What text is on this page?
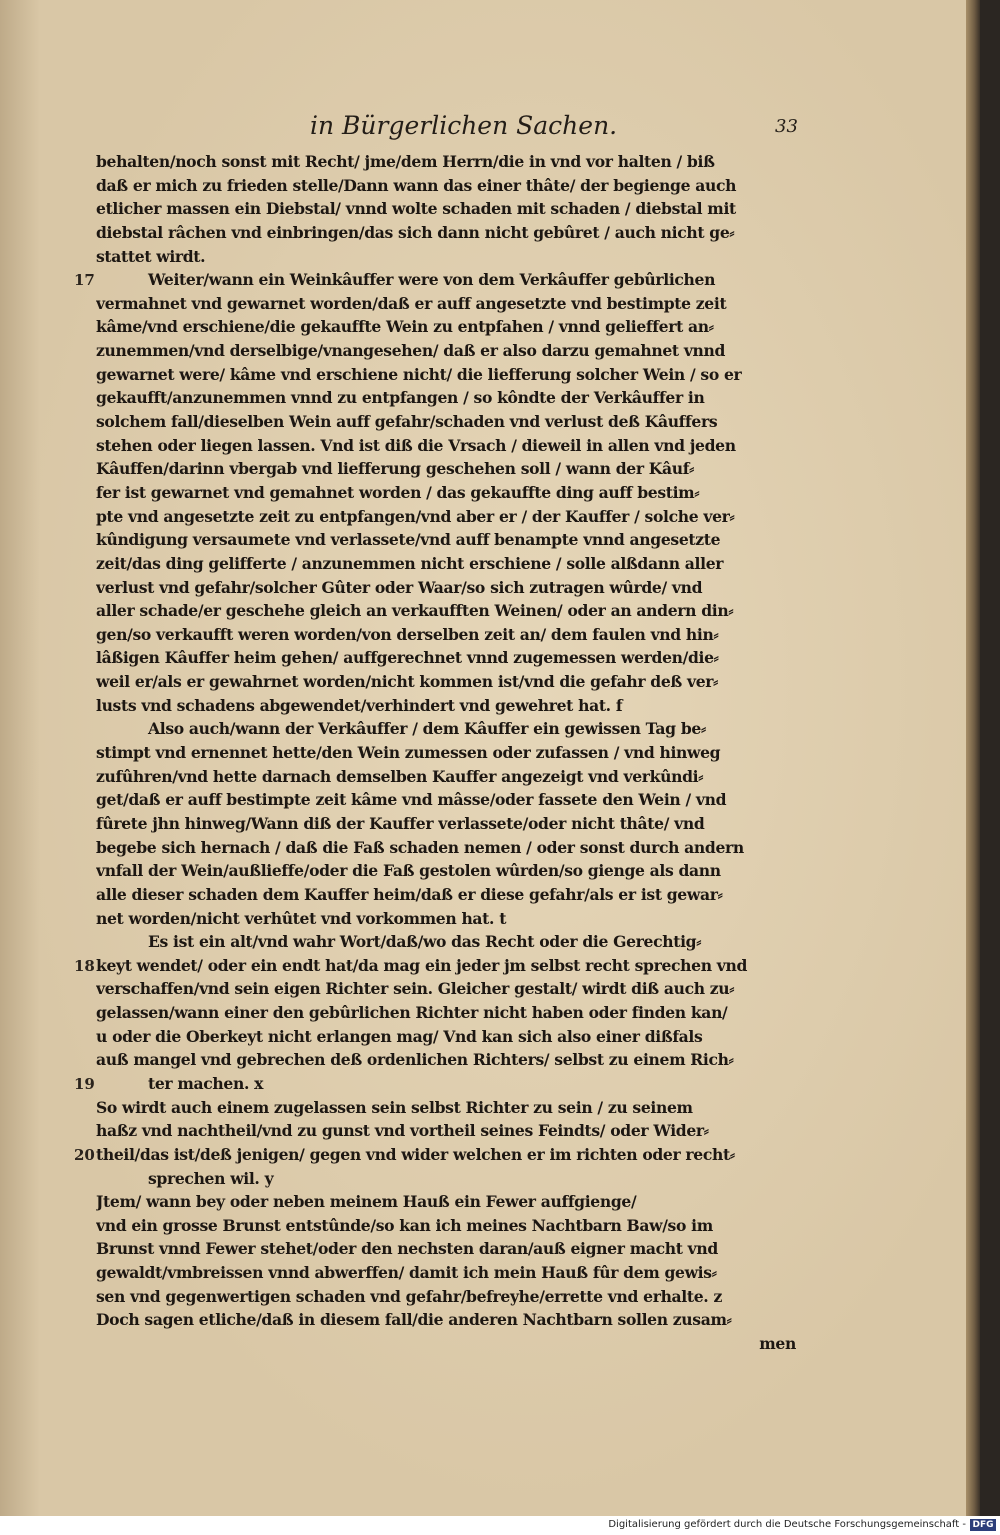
in Bürgerlichen Sachen.	33
behalten/noch sonst mit Recht/ jme/dem Herrn/die in vnd vor halten / biß
daß er mich zu frieden stelle/Dann wann das einer thâte/ der begienge auch
etlicher massen ein Diebstal/ vnnd wolte schaden mit schaden / diebstal mit
diebstal râchen vnd einbringen/das sich dann nicht gebûret / auch nicht ge⸗
stattet wirdt.
Weiter/wann ein Weinkâuffer were von dem Verkâuffer gebûrlichen
vermahnet vnd gewarnet worden/daß er auff angesetzte vnd bestimpte zeit
kâme/vnd erschiene/die gekauffte Wein zu entpfahen / vnnd gelieffert an⸗
zunemmen/vnd derselbige/vnangesehen/ daß er also darzu gemahnet vnnd
gewarnet were/ kâme vnd erschiene nicht/ die liefferung solcher Wein / so er
gekaufft/anzunemmen vnnd zu entpfangen / so kôndte der Verkâuffer in
solchem fall/dieselben Wein auff gefahr/schaden vnd verlust deß Kâuffers
stehen oder liegen lassen. Vnd ist diß die Vrsach / dieweil in allen vnd jeden
Kâuffen/darinn vbergab vnd liefferung geschehen soll / wann der Kâuf⸗
fer ist gewarnet vnd gemahnet worden / das gekauffte ding auff bestim⸗
pte vnd angesetzte zeit zu entpfangen/vnd aber er / der Kauffer / solche ver⸗
kûndigung versaumete vnd verlassete/vnd auff benampte vnnd angesetzte
zeit/das ding gelifferte / anzunemmen nicht erschiene / solle alßdann aller
verlust vnd gefahr/solcher Gûter oder Waar/so sich zutragen wûrde/ vnd
aller schade/er geschehe gleich an verkaufften Weinen/ oder an andern din⸗
gen/so verkaufft weren worden/von derselben zeit an/ dem faulen vnd hin⸗
lâßigen Kâuffer heim gehen/ auffgerechnet vnnd zugemessen werden/die⸗
weil er/als er gewahrnet worden/nicht kommen ist/vnd die gefahr deß ver⸗
lusts vnd schadens abgewendet/verhindert vnd gewehret hat. f
Also auch/wann der Verkâuffer / dem Kâuffer ein gewissen Tag be⸗
stimpt vnd ernennet hette/den Wein zumessen oder zufassen / vnd hinweg
zufûhren/vnd hette darnach demselben Kauffer angezeigt vnd verkûndi⸗
get/daß er auff bestimpte zeit kâme vnd mâsse/oder fassete den Wein / vnd
fûrete jhn hinweg/Wann diß der Kauffer verlassete/oder nicht thâte/ vnd
begebe sich hernach / daß die Faß schaden nemen / oder sonst durch andern
vnfall der Wein/außlieffe/oder die Faß gestolen wûrden/so gienge als dann
alle dieser schaden dem Kauffer heim/daß er diese gefahr/als er ist gewar⸗
net worden/nicht verhûtet vnd vorkommen hat. t
Es ist ein alt/vnd wahr Wort/daß/wo das Recht oder die Gerechtig⸗
keyt wendet/ oder ein endt hat/da mag ein jeder jm selbst recht sprechen vnd
verschaffen/vnd sein eigen Richter sein. Gleicher gestalt/ wirdt diß auch zu⸗
gelassen/wann einer den gebûrlichen Richter nicht haben oder finden kan/
u oder die Oberkeyt nicht erlangen mag/ Vnd kan sich also einer dißfals
auß mangel vnd gebrechen deß ordenlichen Richters/ selbst zu einem Rich⸗
ter machen. x
So wirdt auch einem zugelassen sein selbst Richter zu sein / zu seinem
haßz vnd nachtheil/vnd zu gunst vnd vortheil seines Feindts/ oder Wider⸗
theil/das ist/deß jenigen/ gegen vnd wider welchen er im richten oder recht⸗
sprechen wil. y
Jtem/ wann bey oder neben meinem Hauß ein Fewer auffgienge/
vnd ein grosse Brunst entstûnde/so kan ich meines Nachtbarn Baw/so im
Brunst vnnd Fewer stehet/oder den nechsten daran/auß eigner macht vnd
gewaldt/vmbreissen vnnd abwerffen/ damit ich mein Hauß fûr dem gewis⸗
sen vnd gegenwertigen schaden vnd gefahr/befreyhe/errette vnd erhalte. z
Doch sagen etliche/daß in diesem fall/die anderen Nachtbarn sollen zusam⸗
men
17
18
19
20
Digitalisierung gefördert durch die Deutsche Forschungsgemeinschaft - DFG
